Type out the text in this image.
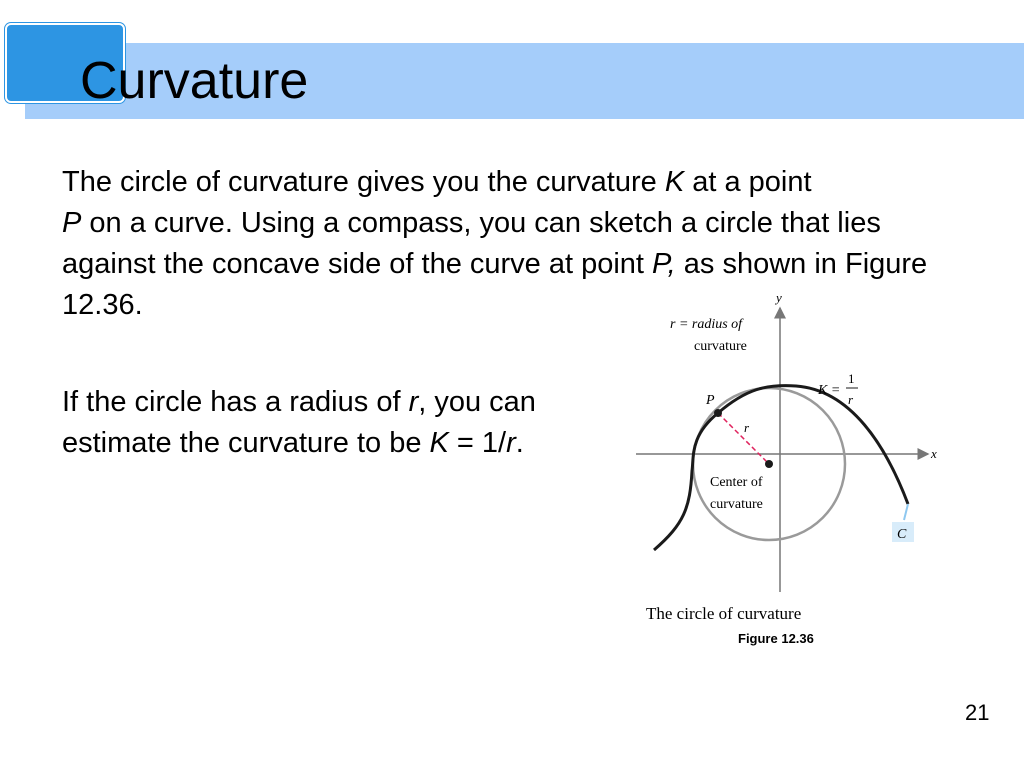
Curvature

The circle of curvature gives you the curvature K at a point
P on a curve. Using a compass, you can sketch a circle that lies against the concave side of the curve at point P, as shown in Figure 12.36.

If the circle has a radius of r, you can estimate the curvature to be K = 1/r.	x
y
r = radius of
curvature
P
r
Center of
curvature
K =
1
r
C
The circle of curvature
Figure 12.36
21
